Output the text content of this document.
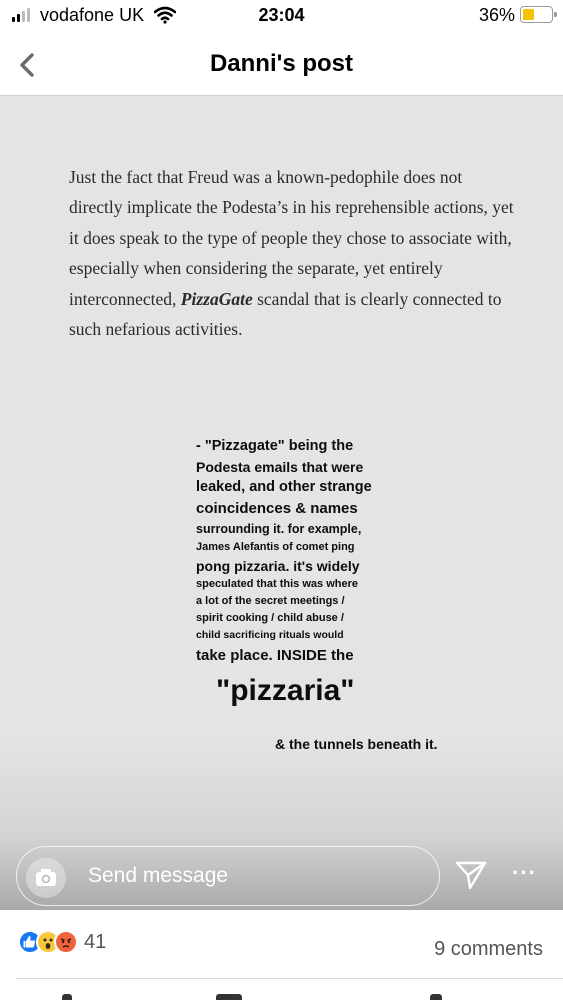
vodafone UK	23:04	36%
Danni's post
Just the fact that Freud was a known-pedophile does not directly implicate the Podesta’s in his reprehensible actions, yet it does speak to the type of people they chose to associate with, especially when considering the separate, yet entirely interconnected, PizzaGate scandal that is clearly connected to such nefarious activities.
- "Pizzagate" being the
Podesta emails that were
leaked, and other strange
coincidences & names
surrounding it. for example,
James Alefantis of comet ping
pong pizzaria. it's widely
speculated that this was where
a lot of the secret meetings /
spirit cooking / child abuse /
child sacrificing rituals would
take place. INSIDE the
"pizzaria"
& the tunnels beneath it.
Send message	···
41	9 comments
